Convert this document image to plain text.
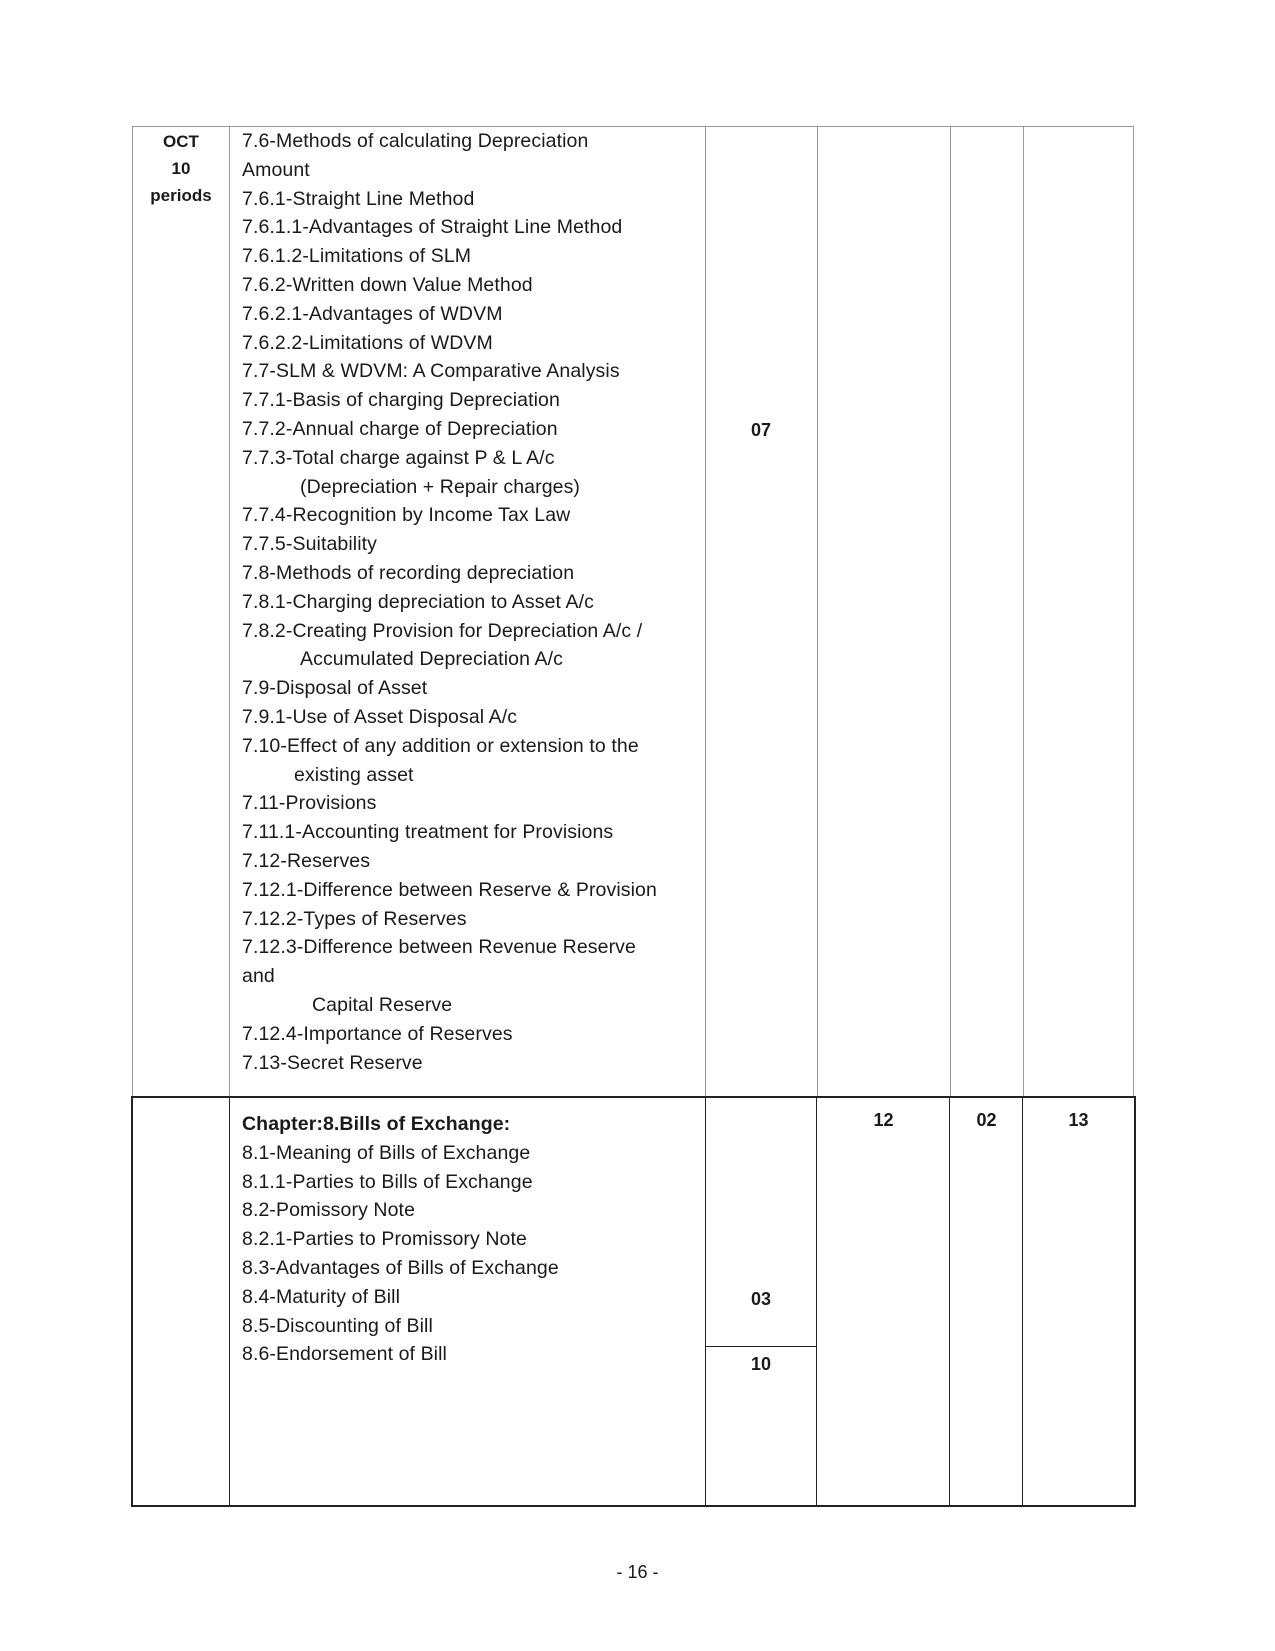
OCT
10
periods
7.6-Methods of calculating Depreciation
Amount
7.6.1-Straight Line Method
7.6.1.1-Advantages of Straight Line Method
7.6.1.2-Limitations of SLM
7.6.2-Written down Value Method
7.6.2.1-Advantages of WDVM
7.6.2.2-Limitations of WDVM
7.7-SLM & WDVM: A Comparative Analysis
7.7.1-Basis of charging Depreciation
7.7.2-Annual charge of Depreciation
7.7.3-Total charge against P & L A/c
(Depreciation + Repair charges)
7.7.4-Recognition by Income Tax Law
7.7.5-Suitability
7.8-Methods of recording depreciation
7.8.1-Charging depreciation to Asset A/c
7.8.2-Creating Provision for Depreciation A/c /
Accumulated Depreciation A/c
7.9-Disposal of Asset
7.9.1-Use of Asset Disposal A/c
7.10-Effect of any addition or extension to the
existing asset
7.11-Provisions
7.11.1-Accounting treatment for Provisions
7.12-Reserves
7.12.1-Difference between Reserve & Provision
7.12.2-Types of Reserves
7.12.3-Difference between Revenue Reserve
and
Capital Reserve
7.12.4-Importance of Reserves
7.13-Secret Reserve
07
Chapter:8.Bills of Exchange:
8.1-Meaning of Bills of Exchange
8.1.1-Parties to Bills of Exchange
8.2-Pomissory Note
8.2.1-Parties to Promissory Note
8.3-Advantages of Bills of Exchange
8.4-Maturity of Bill
8.5-Discounting of Bill
8.6-Endorsement of Bill
03
10
12	02	13
- 16 -
